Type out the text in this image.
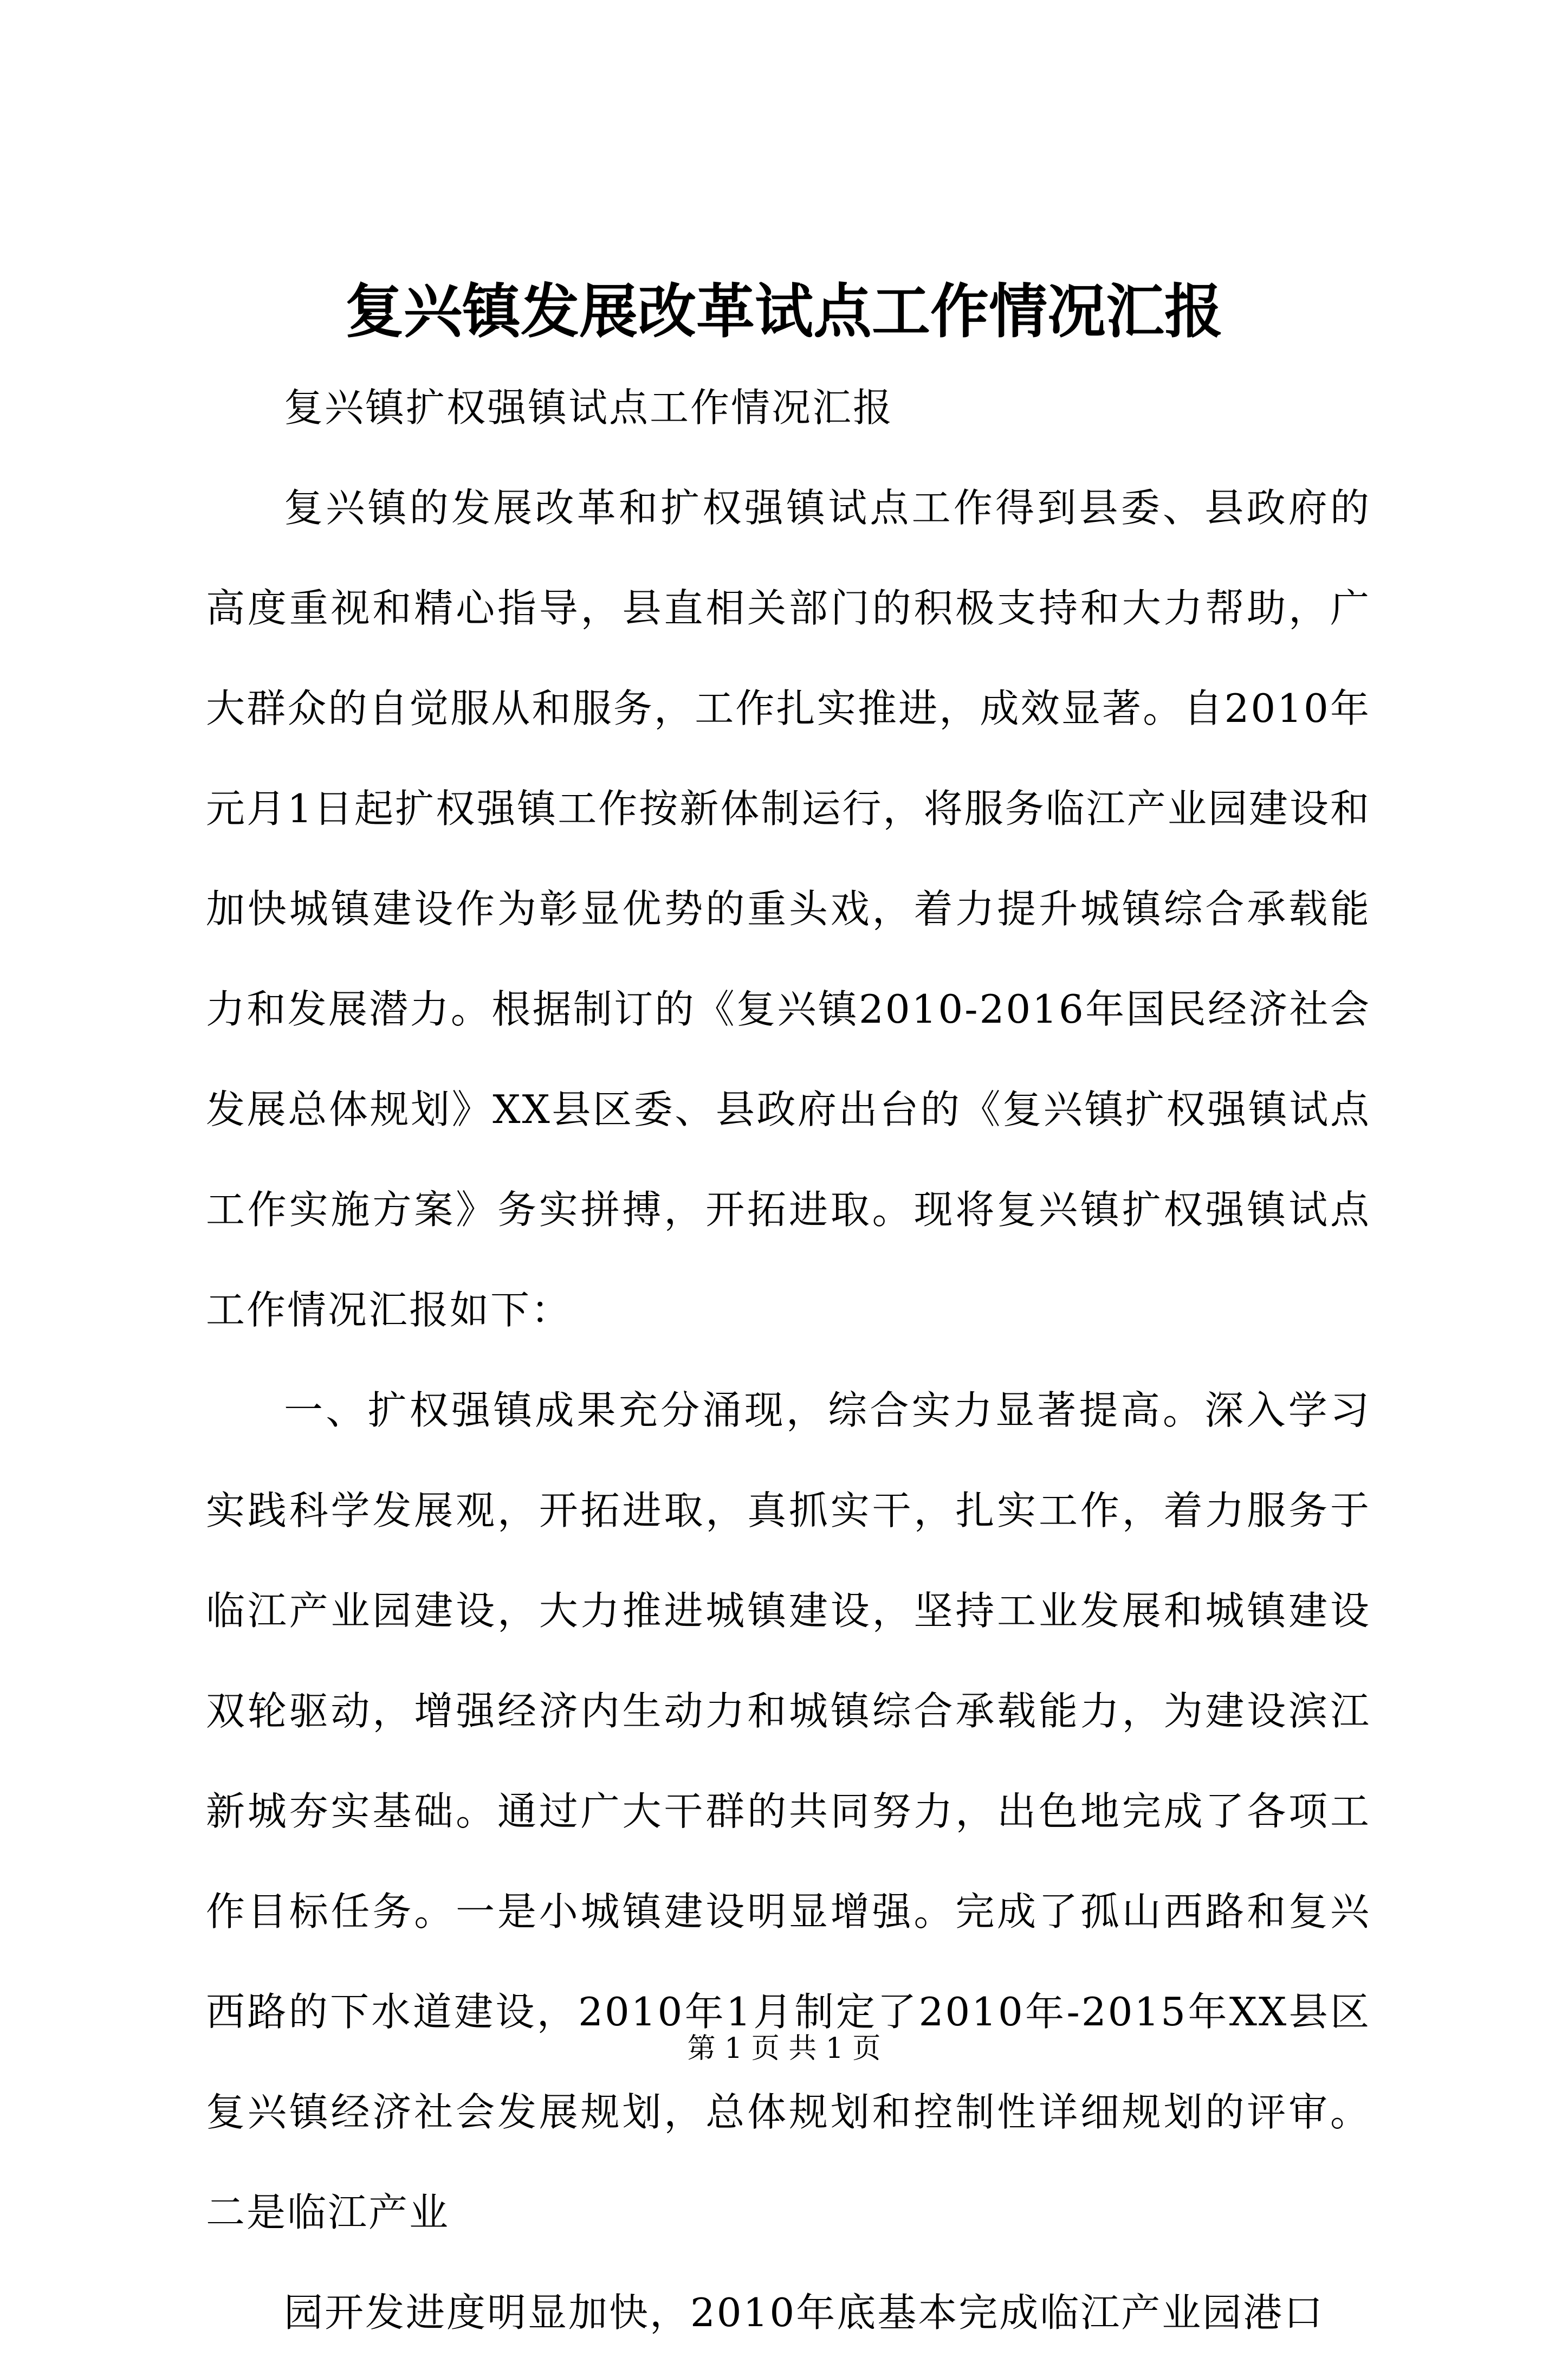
复兴镇发展改革试点工作情况汇报

复兴镇扩权强镇试点工作情况汇报

复兴镇的发展改革和扩权强镇试点工作得到县委、县政府的高度重视和精心指导，县直相关部门的积极支持和大力帮助，广大群众的自觉服从和服务，工作扎实推进，成效显著。自2010年元月1日起扩权强镇工作按新体制运行，将服务临江产业园建设和加快城镇建设作为彰显优势的重头戏，着力提升城镇综合承载能力和发展潜力。根据制订的《复兴镇2010-2016年国民经济社会发展总体规划》XX县区委、县政府出台的《复兴镇扩权强镇试点工作实施方案》务实拼搏，开拓进取。现将复兴镇扩权强镇试点工作情况汇报如下：

一、扩权强镇成果充分涌现，综合实力显著提高。深入学习实践科学发展观，开拓进取，真抓实干，扎实工作，着力服务于临江产业园建设，大力推进城镇建设，坚持工业发展和城镇建设双轮驱动，增强经济内生动力和城镇综合承载能力，为建设滨江新城夯实基础。通过广大干群的共同努力，出色地完成了各项工作目标任务。一是小城镇建设明显增强。完成了孤山西路和复兴西路的下水道建设，2010年1月制定了2010年-2015年XX县区复兴镇经济社会发展规划，总体规划和控制性详细规划的评审。二是临江产业

园开发进度明显加快，2010年底基本完成临江产业园港口

第 1 页 共 1 页
